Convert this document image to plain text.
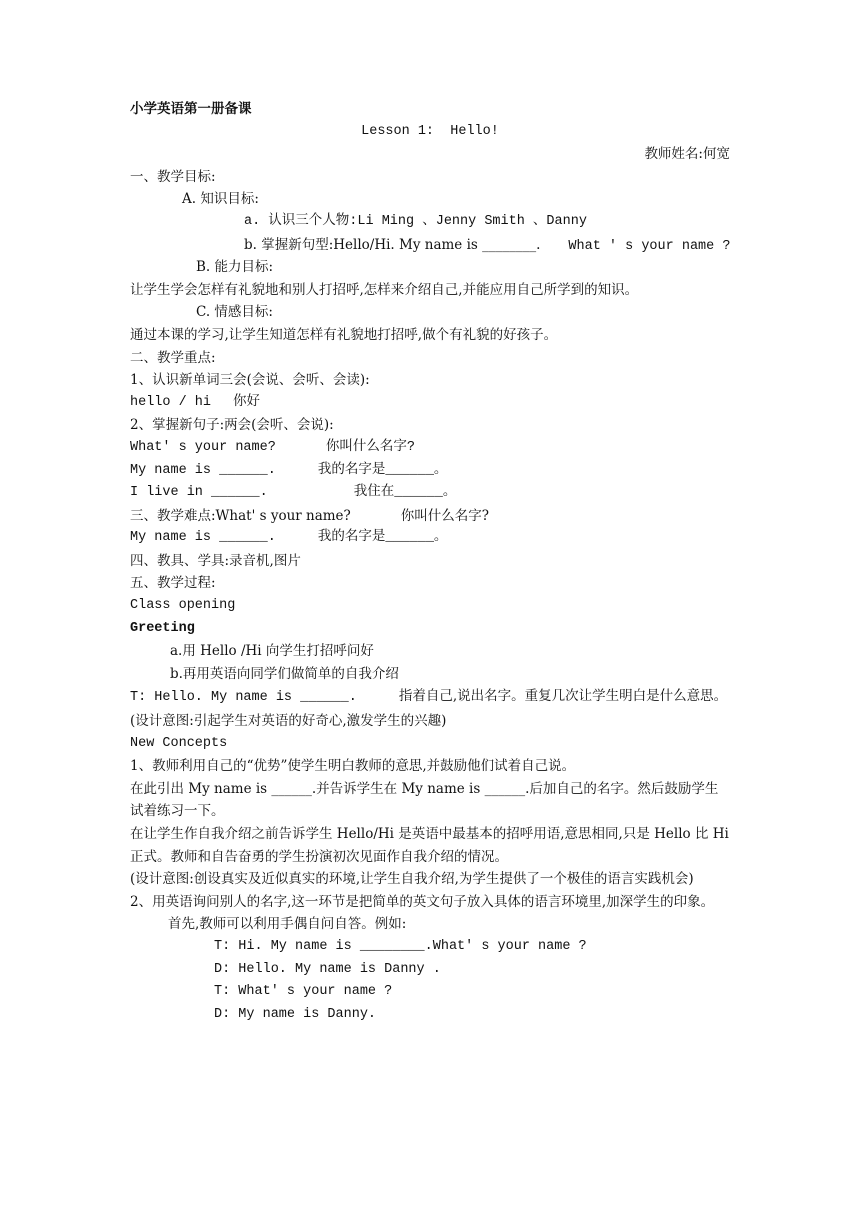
小学英语第一册备课
Lesson 1:  Hello!
教师姓名:何宽
一、教学目标:
A. 知识目标:
a. 认识三个人物:Li Ming 、Jenny Smith 、Danny
b. 掌握新句型:Hello/Hi. My name is ________. What ' s your name ?
B. 能力目标:
让学生学会怎样有礼貌地和别人打招呼,怎样来介绍自己,并能应用自己所学到的知识。
C. 情感目标:
通过本课的学习,让学生知道怎样有礼貌地打招呼,做个有礼貌的好孩子。
二、教学重点:
1、认识新单词三会(会说、会听、会读):
hello / hi 你好
2、掌握新句子:两会(会听、会说):
What' s your name?	你叫什么名字?
My name is ______.	我的名字是______。
I live in ______.	我住在______。
三、教学难点:What' s your name?	你叫什么名字?
My name is ______.	我的名字是______。
四、教具、学具:录音机,图片
五、教学过程:
Class opening
Greeting
a.用 Hello /Hi 向学生打招呼问好
b.再用英语向同学们做简单的自我介绍
T: Hello. My name is ______.	指着自己,说出名字。重复几次让学生明白是什么意思。
(设计意图:引起学生对英语的好奇心,激发学生的兴趣)
New Concepts
1、教师利用自己的“优势”使学生明白教师的意思,并鼓励他们试着自己说。
在此引出 My name is ______.并告诉学生在 My name is ______.后加自己的名字。然后鼓励学生试着练习一下。
在让学生作自我介绍之前告诉学生 Hello/Hi 是英语中最基本的招呼用语,意思相同,只是 Hello 比 Hi 正式。教师和自告奋勇的学生扮演初次见面作自我介绍的情况。
(设计意图:创设真实及近似真实的环境,让学生自我介绍,为学生提供了一个极佳的语言实践机会)
2、用英语询问别人的名字,这一环节是把简单的英文句子放入具体的语言环境里,加深学生的印象。
首先,教师可以利用手偶自问自答。例如:
T: Hi. My name is ________.What' s your name ?
D: Hello. My name is Danny .
T: What' s your name ?
D: My name is Danny.
